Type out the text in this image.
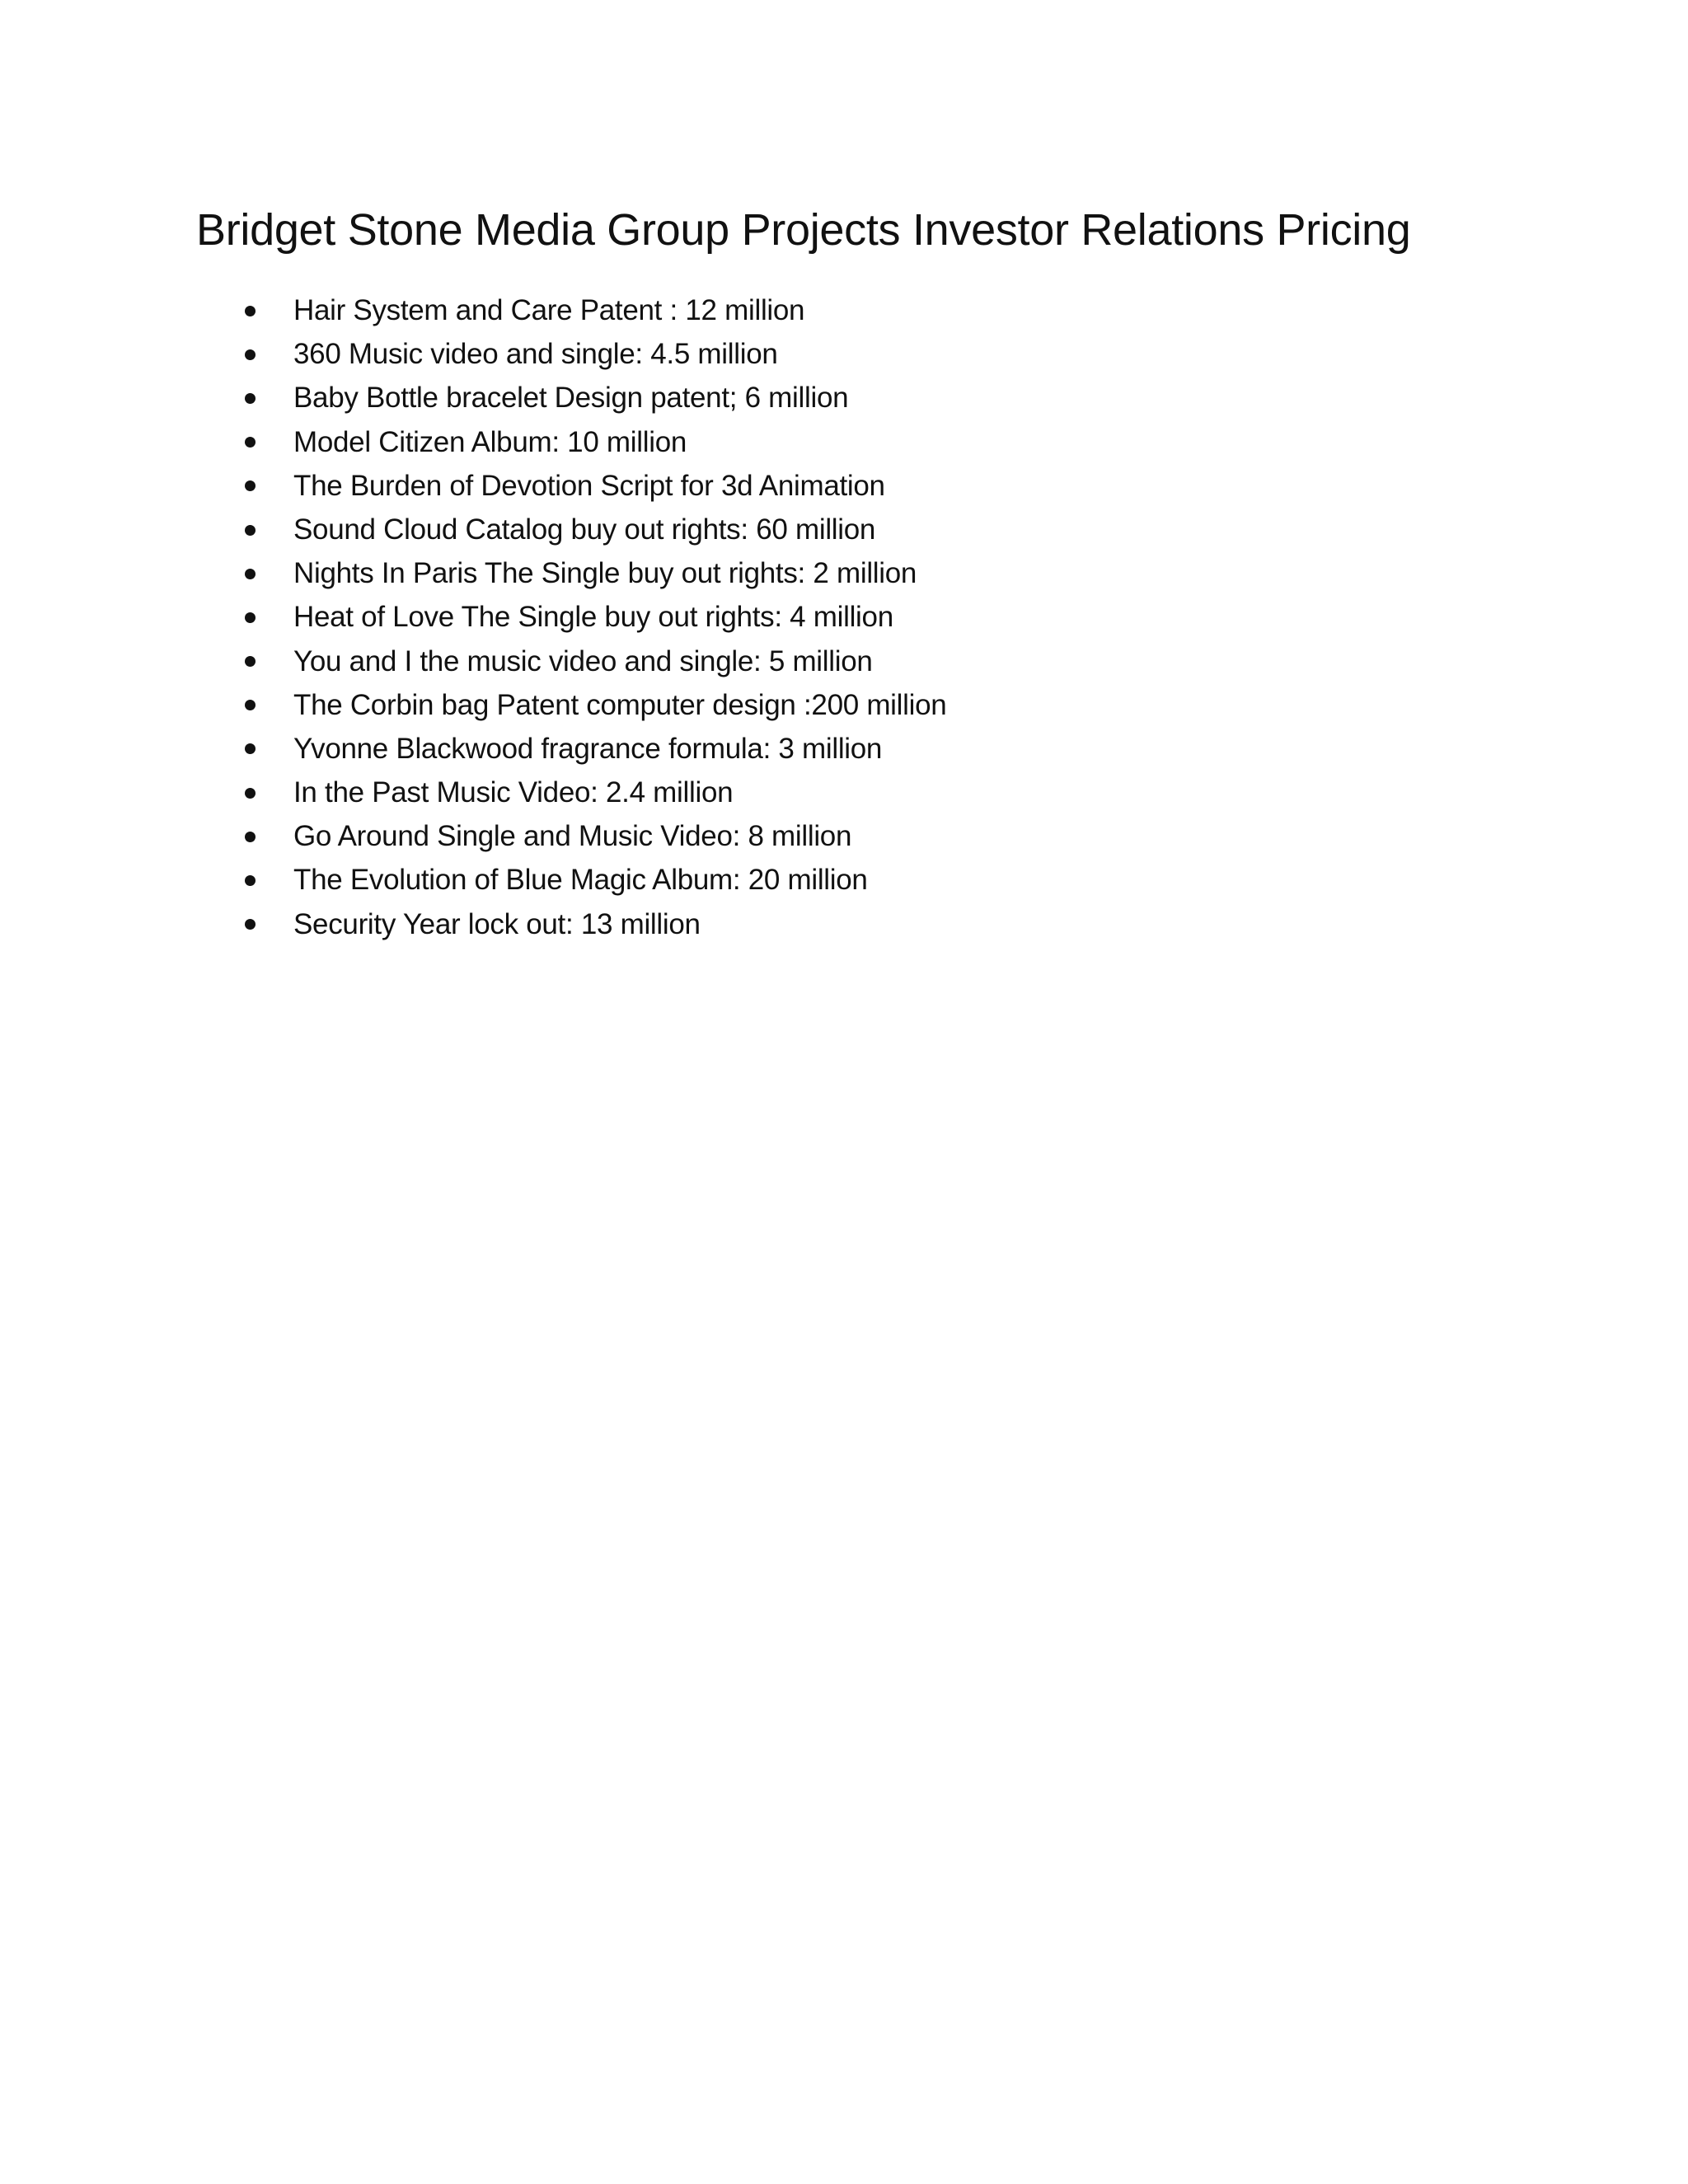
Bridget Stone Media Group Projects Investor Relations Pricing
Hair System and Care Patent : 12 million
360 Music video and single: 4.5 million
Baby Bottle bracelet Design patent; 6 million
Model Citizen Album: 10 million
The Burden of Devotion Script for 3d Animation
Sound Cloud Catalog buy out rights: 60 million
Nights In Paris The Single buy out rights: 2 million
Heat of Love The Single buy out rights: 4 million
You and I the music video and single: 5 million
The Corbin bag Patent computer design :200 million
Yvonne Blackwood fragrance formula: 3 million
In the Past Music Video: 2.4 million
Go Around Single and Music Video: 8 million
The Evolution of Blue Magic Album: 20 million
Security Year lock out: 13 million
